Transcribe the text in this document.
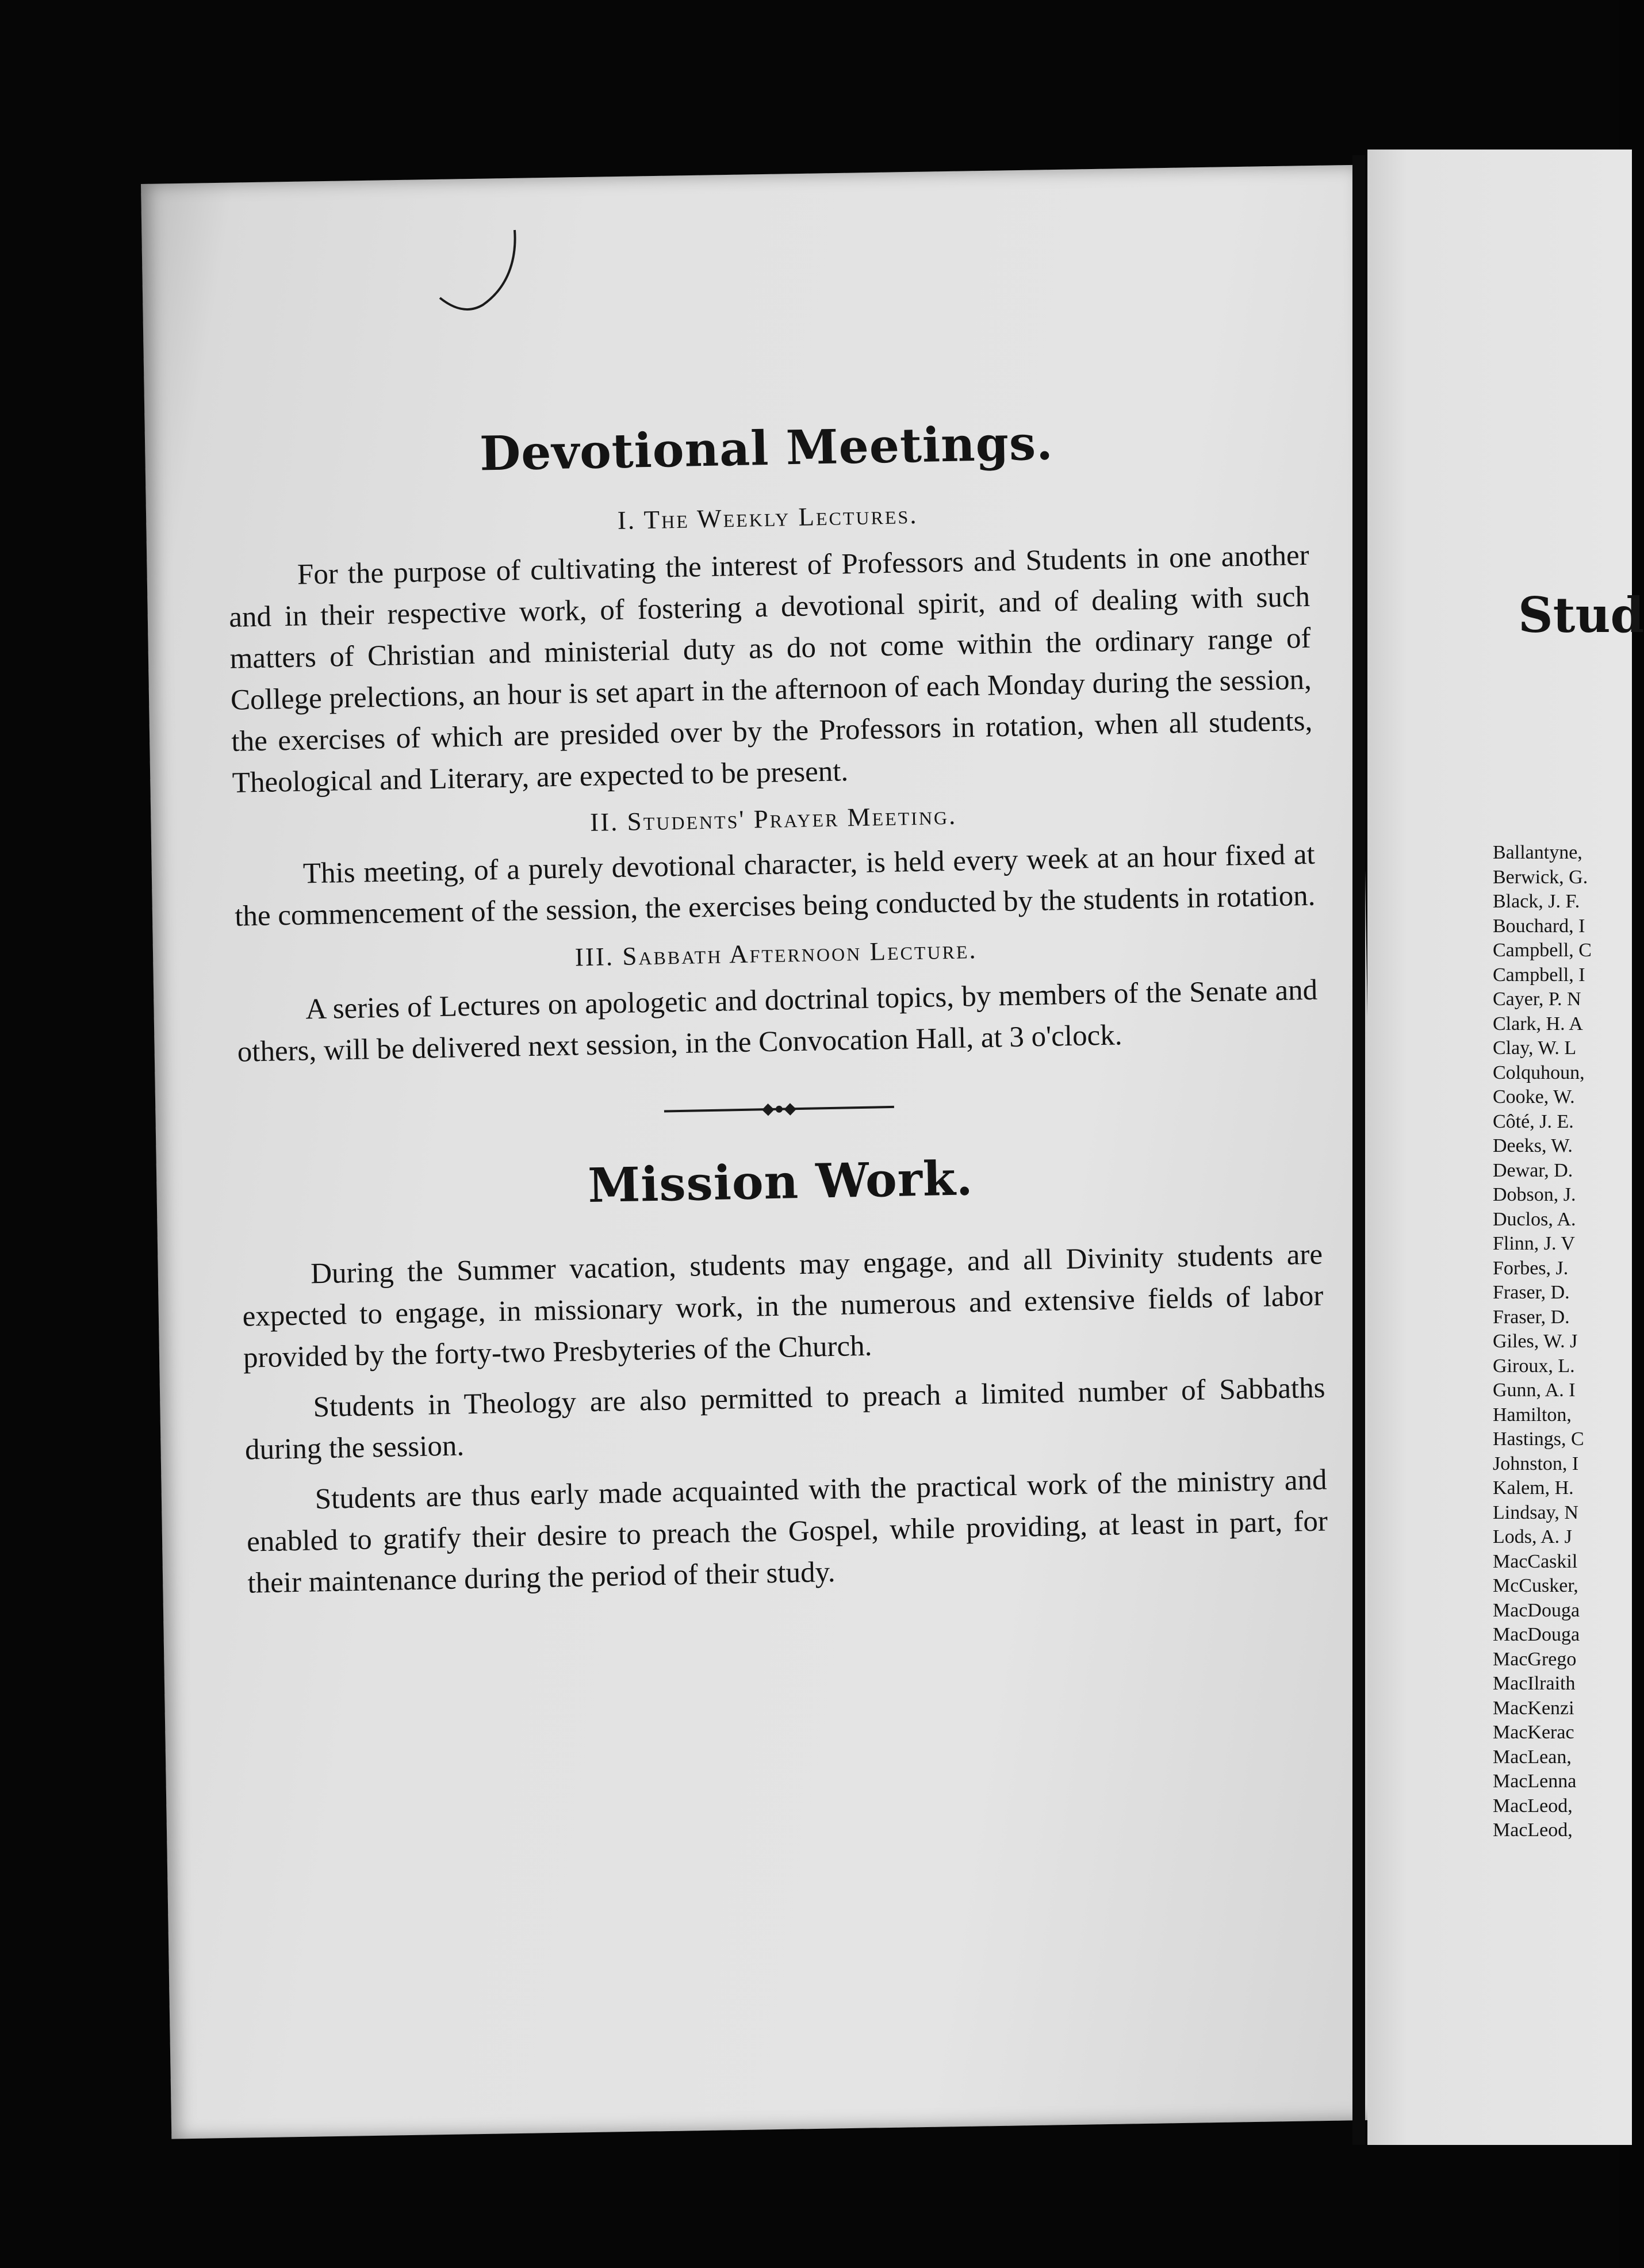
Devotional Meetings.
I. The Weekly Lectures.

For the purpose of cultivating the interest of Professors and Students in one another and in their respective work, of fostering a devotional spirit, and of dealing with such matters of Christian and ministerial duty as do not come within the ordinary range of College prelections, an hour is set apart in the afternoon of each Monday during the session, the exercises of which are presided over by the Professors in rotation, when all students, Theological and Literary, are expected to be present.

II. Students' Prayer Meeting.

This meeting, of a purely devotional character, is held every week at an hour fixed at the commencement of the session, the exercises being conducted by the students in rotation.

III. Sabbath Afternoon Lecture.

A series of Lectures on apologetic and doctrinal topics, by members of the Senate and others, will be delivered next session, in the Convocation Hall, at 3 o'clock.

◆●◆
Mission Work.

During the Summer vacation, students may engage, and all Divinity students are expected to engage, in missionary work, in the numerous and extensive fields of labor provided by the forty-two Presbyteries of the Church.

Students in Theology are also permitted to preach a limited number of Sabbaths during the session.

Students are thus early made acquainted with the practical work of the ministry and enabled to gratify their desire to preach the Gospel, while providing, at least in part, for their maintenance during the period of their study.

Stud
Ballantyne,
Berwick, G.
Black, J. F.
Bouchard, I
Campbell, C
Campbell, I
Cayer, P. N
Clark, H. A
Clay, W. L
Colquhoun,
Cooke, W.
Côté, J. E.
Deeks, W.
Dewar, D.
Dobson, J.
Duclos, A.
Flinn, J. V
Forbes, J.
Fraser, D.
Fraser, D.
Giles, W. J
Giroux, L.
Gunn, A. I
Hamilton,
Hastings, C
Johnston, I
Kalem, H.
Lindsay, N
Lods, A. J
MacCaskil
McCusker,
MacDouga
MacDouga
MacGrego
MacIlraith
MacKenzi
MacKerac
MacLean,
MacLenna
MacLeod,
MacLeod,
